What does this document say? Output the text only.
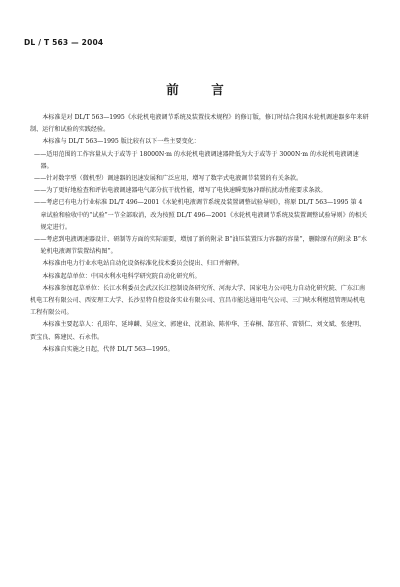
DL / T 563 — 2004
前　言

本标准是对 DL/T 563—1995《水轮机电液调节系统及装置技术规程》的修订版，修订时结合我国水轮机调速器多年来研制、运行和试验的实践经验。

本标准与 DL/T 563—1995 版比较有以下一些主要变化：

——适用范围的工作容量从大于或等于 18000N·m 的水轮机电液调速器降低为大于或等于 3000N·m 的水轮机电液调速器。

——针对数字型（微机型）调速器的迅速发展和广泛应用，增写了数字式电液调节装置的有关条款。

——为了更好地检查和评估电液调速器电气部分抗干扰性能，增写了电快速瞬变脉冲群抗扰动性能要求条款。

——考虑已有电力行业标准 DL/T 496—2001《水轮机电液调节系统及装置调整试验导则》，将原 DL/T 563—1995 第 4 章试验和验收中的“试验”一节全部取消，改为按照 DL/T 496—2001《水轮机电液调节系统及装置调整试验导则》的相关规定进行。

——考虑到电液调速器设计、研制等方面的实际需要，增加了新的附录 B“油压装置压力容器的容量”，删除原有的附录 B“水轮机电液调节装置结构图”。

本标准由电力行业水电站自动化设备标准化技术委员会提出、归口并解释。

本标准起草单位：中国水利水电科学研究院自动化研究所。

本标准参加起草单位：长江水利委员会武汉长江控制设备研究所、河海大学、国家电力公司电力自动化研究院、广东江南机电工程有限公司、西安理工大学、长沙星特自控设备实业有限公司、宜昌市能达通用电气公司、三门峡水利枢纽管理局机电工程有限公司。

本标准主要起草人：孔昭年、延坤麟、吴应文、郭建业、沈祖诒、陈仲华、王春桐、郜宜祥、雷锁仁、刘文斌、张建明、贾宝良、陈建民、石永伟。

本标准自实施之日起，代替 DL/T 563—1995。
